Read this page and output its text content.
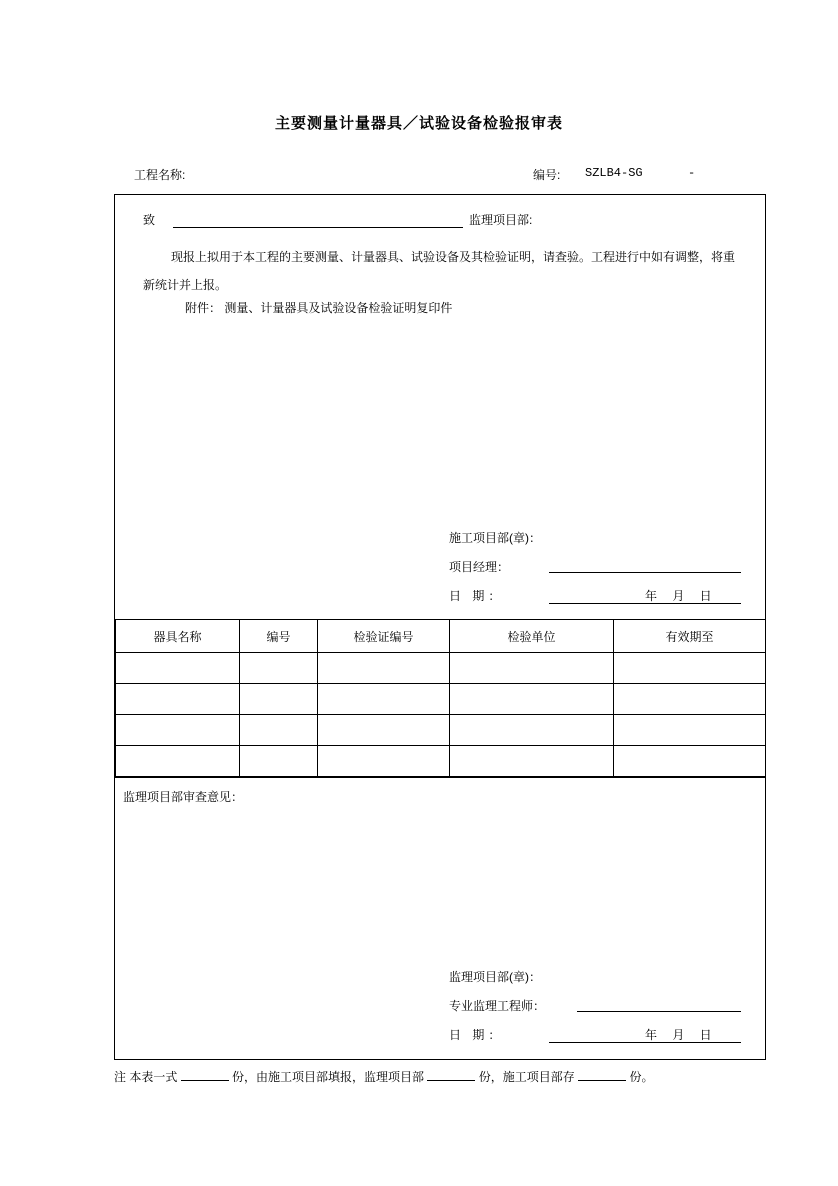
主要测量计量器具／试验设备检验报审表
工程名称:	编号: SZLB4-SG	-
致	监理项目部:
现报上拟用于本工程的主要测量、计量器具、试验设备及其检验证明，请查验。工程进行中如有调整，将重新统计并上报。
附件： 测量、计量器具及试验设备检验证明复印件
施工项目部(章)：
项目经理：
日 期：	年 月 日
器具名称	编号	检验证编号	检验单位	有效期至

监理项目部审查意见：
监理项目部(章)：
专业监理工程师：
日 期：	年 月 日
注 本表一式	份，由施工项目部填报，监理项目部	份，施工项目部存	份。
